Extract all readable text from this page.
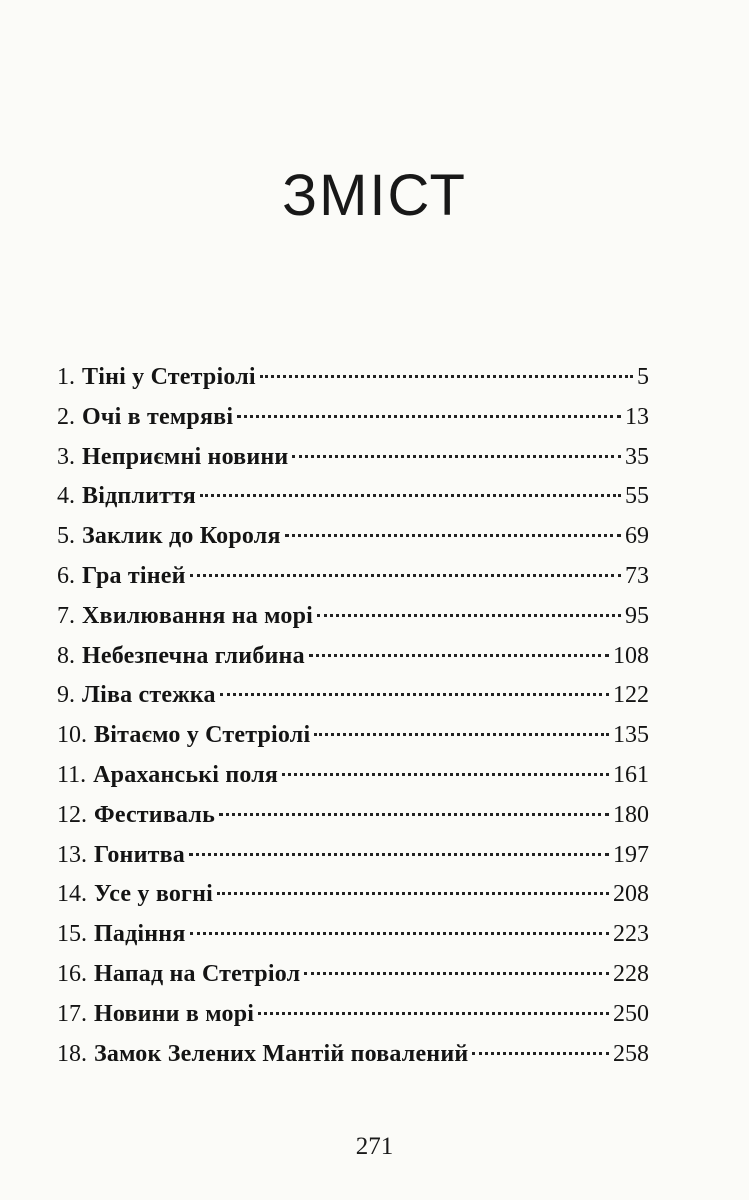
ЗМІСТ
1. Тіні у Стетріолі	5
2. Очі в темряві	13
3. Неприємні новини	35
4. Відплиття	55
5. Заклик до Короля	69
6. Гра тіней	73
7. Хвилювання на морі	95
8. Небезпечна глибина	108
9. Ліва стежка	122
10. Вітаємо у Стетріолі	135
11. Араханські поля	161
12. Фестиваль	180
13. Гонитва	197
14. Усе у вогні	208
15. Падіння	223
16. Напад на Стетріол	228
17. Новини в морі	250
18. Замок Зелених Мантій повалений	258
271
